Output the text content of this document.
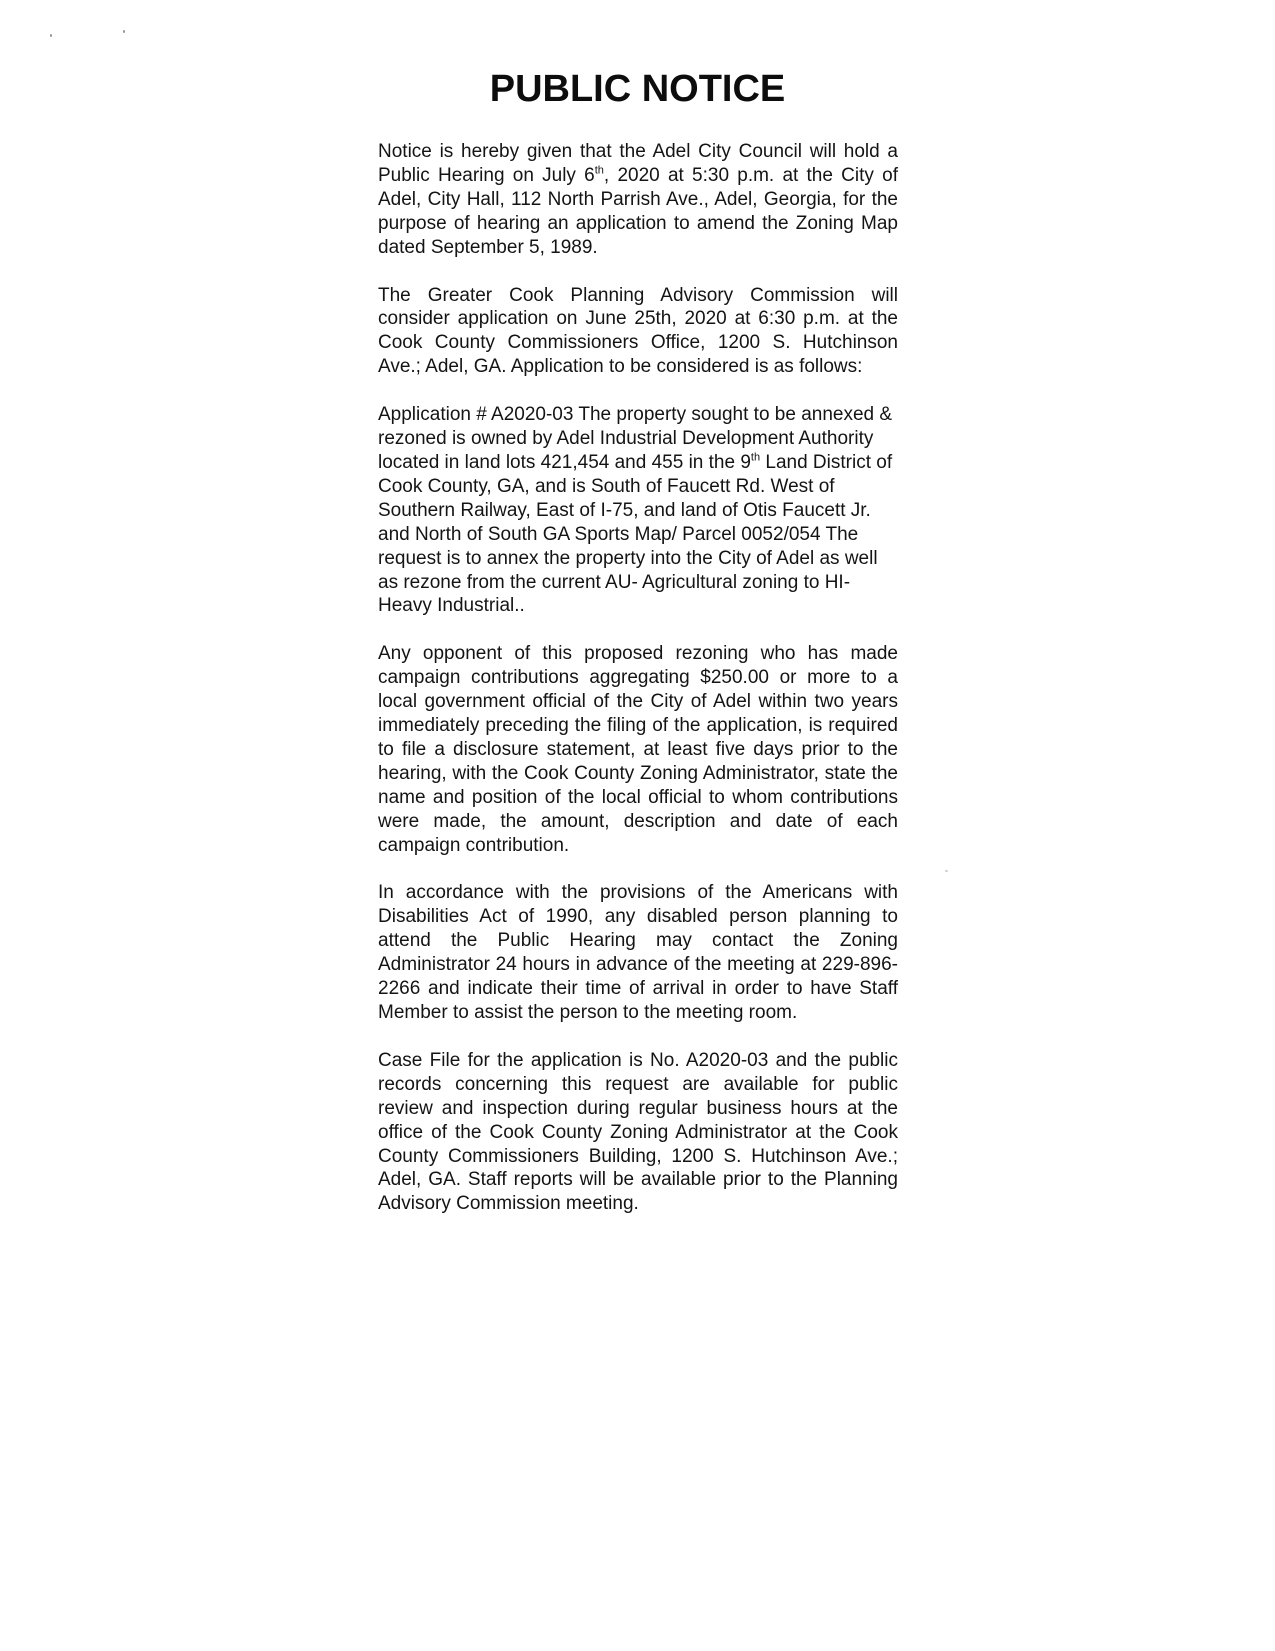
PUBLIC NOTICE

Notice is hereby given that the Adel City Council will hold a Public Hearing on July 6th, 2020 at 5:30 p.m. at the City of Adel, City Hall, 112 North Parrish Ave., Adel, Georgia, for the purpose of hearing an application to amend the Zoning Map dated September 5, 1989.

The Greater Cook Planning Advisory Commission will consider application on June 25th, 2020 at 6:30 p.m. at the Cook County Commissioners Office, 1200 S. Hutchinson Ave.; Adel, GA. Application to be considered is as follows:

Application # A2020-03 The property sought to be annexed & rezoned is owned by Adel Industrial Development Authority located in land lots 421,454 and 455 in the 9th Land District of Cook County, GA, and is South of Faucett Rd. West of Southern Railway, East of I-75, and land of Otis Faucett Jr. and North of South GA Sports Map/ Parcel 0052/054 The request is to annex the property into the City of Adel as well as rezone from the current AU- Agricultural zoning to HI- Heavy Industrial..

Any opponent of this proposed rezoning who has made campaign contributions aggregating $250.00 or more to a local government official of the City of Adel within two years immediately preceding the filing of the application, is required to file a disclosure statement, at least five days prior to the hearing, with the Cook County Zoning Administrator, state the name and position of the local official to whom contributions were made, the amount, description and date of each campaign contribution.

In accordance with the provisions of the Americans with Disabilities Act of 1990, any disabled person planning to attend the Public Hearing may contact the Zoning Administrator 24 hours in advance of the meeting at 229-896-2266 and indicate their time of arrival in order to have Staff Member to assist the person to the meeting room.

Case File for the application is No. A2020-03 and the public records concerning this request are available for public review and inspection during regular business hours at the office of the Cook County Zoning Administrator at the Cook County Commissioners Building, 1200 S. Hutchinson Ave.; Adel, GA. Staff reports will be available prior to the Planning Advisory Commission meeting.
